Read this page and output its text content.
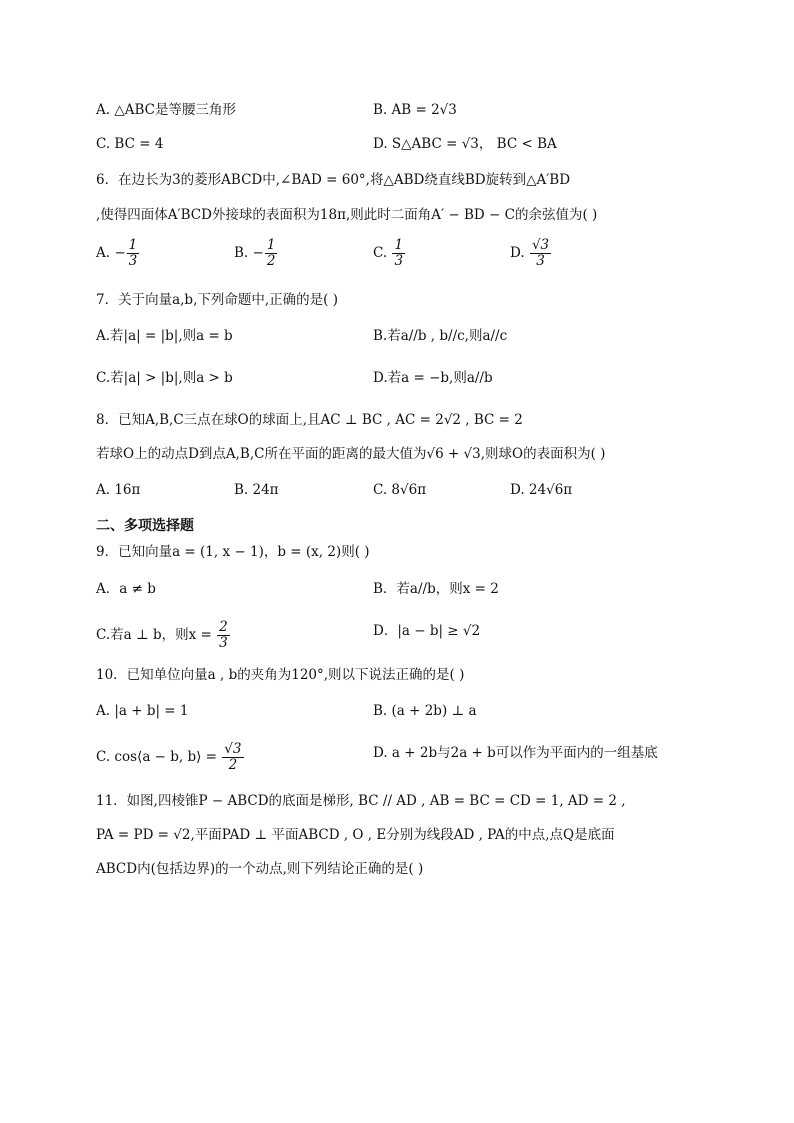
A. △ABC是等腰三角形	B. AB = 2√3
C. BC = 4	D. S△ABC = √3， BC < BA
6．在边长为3的菱形ABCD中,∠BAD = 60°,将△ABD绕直线BD旋转到△A′BD
,使得四面体A′BCD外接球的表面积为18π,则此时二面角A′ − BD − C的余弦值为( )
A. − $\frac{1}{3}$	B. − $\frac{1}{2}$	C. $\frac{1}{3}$	D. $\frac{√3}{3}$
7．关于向量a,b,下列命题中,正确的是( )
A.若|a| = |b|,则a = b	B.若a//b , b//c,则a//c
C.若|a| > |b|,则a > b	D.若a = −b,则a//b
8．已知A,B,C三点在球O的球面上,且AC ⊥ BC , AC = 2√2 , BC = 2
若球O上的动点D到点A,B,C所在平面的距离的最大值为√6 + √3,则球O的表面积为( )
A. 16π	B. 24π	C. 8√6π	D. 24√6π
二、多项选择题
9．已知向量a = (1, x − 1)，b = (x, 2)则( )
A．a ≠ b	B．若a//b，则x = 2
C.若a ⊥ b，则$x = \frac{2}{3}$	D．|a − b| ≥ √2
10．已知单位向量a , b的夹角为120°,则以下说法正确的是( )
A. |a + b| = 1	B. (a + 2b) ⊥ a
C. cos⟨a − b, b⟩ = $\frac{√3}{2}$	D. a + 2b与2a + b可以作为平面内的一组基底
11．如图,四棱锥P − ABCD的底面是梯形, BC // AD , AB = BC = CD = 1, AD = 2 ,
PA = PD = √2,平面PAD ⊥ 平面ABCD , O , E分别为线段AD , PA的中点,点Q是底面
ABCD内(包括边界)的一个动点,则下列结论正确的是( )
